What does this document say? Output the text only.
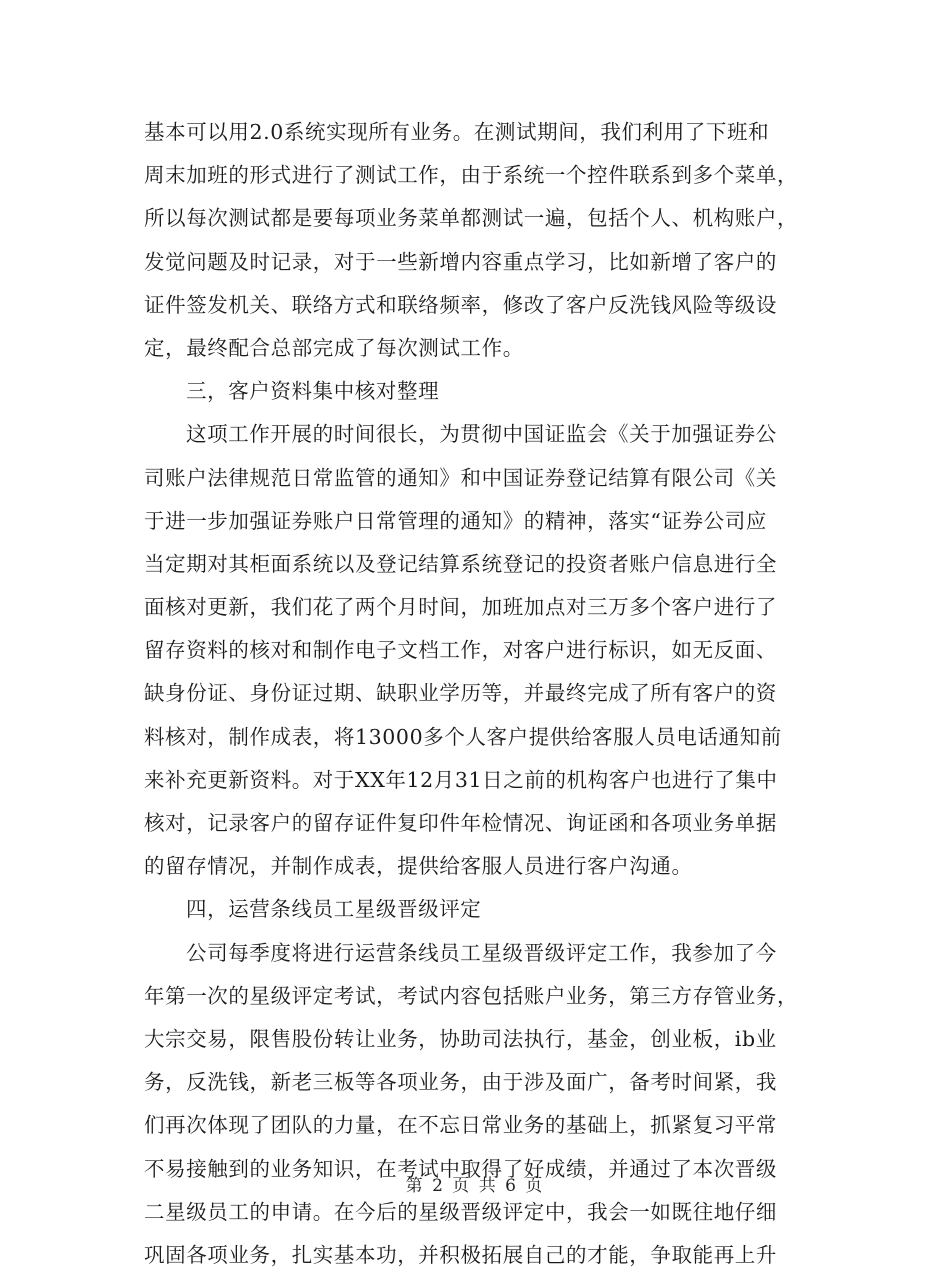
基本可以用2.0系统实现所有业务。在测试期间，我们利用了下班和
周末加班的形式进行了测试工作，由于系统一个控件联系到多个菜单，
所以每次测试都是要每项业务菜单都测试一遍，包括个人、机构账户，
发觉问题及时记录，对于一些新增内容重点学习，比如新增了客户的
证件签发机关、联络方式和联络频率，修改了客户反洗钱风险等级设
定，最终配合总部完成了每次测试工作。
三，客户资料集中核对整理
这项工作开展的时间很长，为贯彻中国证监会《关于加强证券公
司账户法律规范日常监管的通知》和中国证券登记结算有限公司《关
于进一步加强证券账户日常管理的通知》的精神，落实“证券公司应
当定期对其柜面系统以及登记结算系统登记的投资者账户信息进行全
面核对更新，我们花了两个月时间，加班加点对三万多个客户进行了
留存资料的核对和制作电子文档工作，对客户进行标识，如无反面、
缺身份证、身份证过期、缺职业学历等，并最终完成了所有客户的资
料核对，制作成表，将13000多个人客户提供给客服人员电话通知前
来补充更新资料。对于XX年12月31日之前的机构客户也进行了集中
核对，记录客户的留存证件复印件年检情况、询证函和各项业务单据
的留存情况，并制作成表，提供给客服人员进行客户沟通。
四，运营条线员工星级晋级评定
公司每季度将进行运营条线员工星级晋级评定工作，我参加了今
年第一次的星级评定考试，考试内容包括账户业务，第三方存管业务，
大宗交易，限售股份转让业务，协助司法执行，基金，创业板，ib业
务，反洗钱，新老三板等各项业务，由于涉及面广，备考时间紧，我
们再次体现了团队的力量，在不忘日常业务的基础上，抓紧复习平常
不易接触到的业务知识，在考试中取得了好成绩，并通过了本次晋级
二星级员工的申请。在今后的星级晋级评定中，我会一如既往地仔细
巩固各项业务，扎实基本功，并积极拓展自己的才能，争取能再上升
第 2 页 共 6 页
